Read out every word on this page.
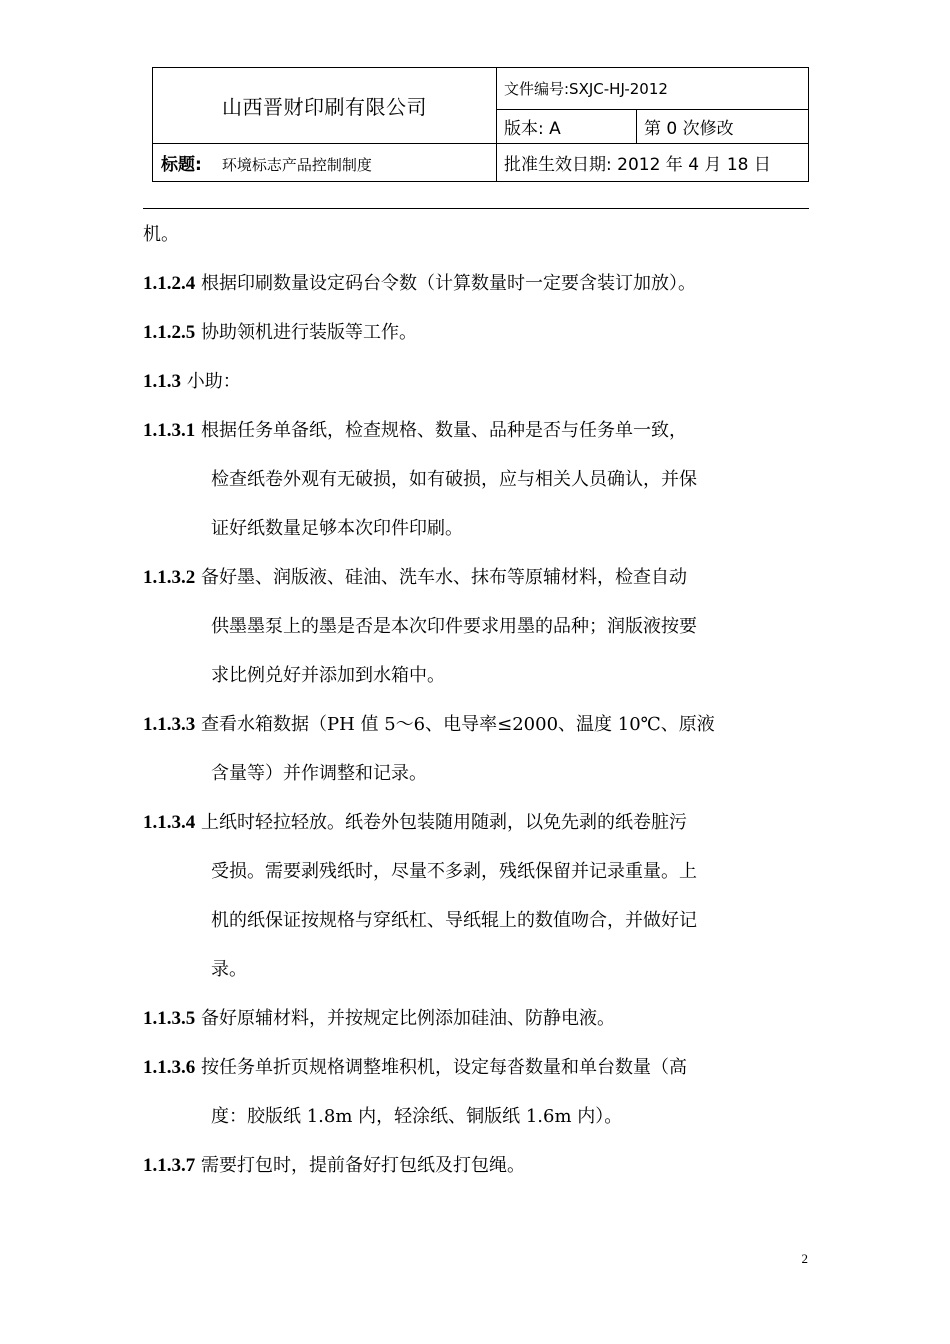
山西晋财印刷有限公司	文件编号:SXJC-HJ-2012	
	版本: A	第 0 次修改
标题: 环境标志产品控制制度	批准生效日期: 2012 年 4 月 18 日	
机。
1.1.2.4 根据印刷数量设定码台令数（计算数量时一定要含装订加放）。
1.1.2.5 协助领机进行装版等工作。
1.1.3 小助：
1.1.3.1 根据任务单备纸，检查规格、数量、品种是否与任务单一致，
检查纸卷外观有无破损，如有破损，应与相关人员确认，并保
证好纸数量足够本次印件印刷。
1.1.3.2 备好墨、润版液、硅油、洗车水、抹布等原辅材料，检查自动
供墨墨泵上的墨是否是本次印件要求用墨的品种；润版液按要
求比例兑好并添加到水箱中。
1.1.3.3 查看水箱数据（PH 值 5～6、电导率≤2000、温度 10℃、原液
含量等）并作调整和记录。
1.1.3.4 上纸时轻拉轻放。纸卷外包装随用随剥，以免先剥的纸卷脏污
受损。需要剥残纸时，尽量不多剥，残纸保留并记录重量。上
机的纸保证按规格与穿纸杠、导纸辊上的数值吻合，并做好记
录。
1.1.3.5 备好原辅材料，并按规定比例添加硅油、防静电液。
1.1.3.6 按任务单折页规格调整堆积机，设定每沓数量和单台数量（高
度：胶版纸 1.8m 内，轻涂纸、铜版纸 1.6m 内）。
1.1.3.7 需要打包时，提前备好打包纸及打包绳。
2
